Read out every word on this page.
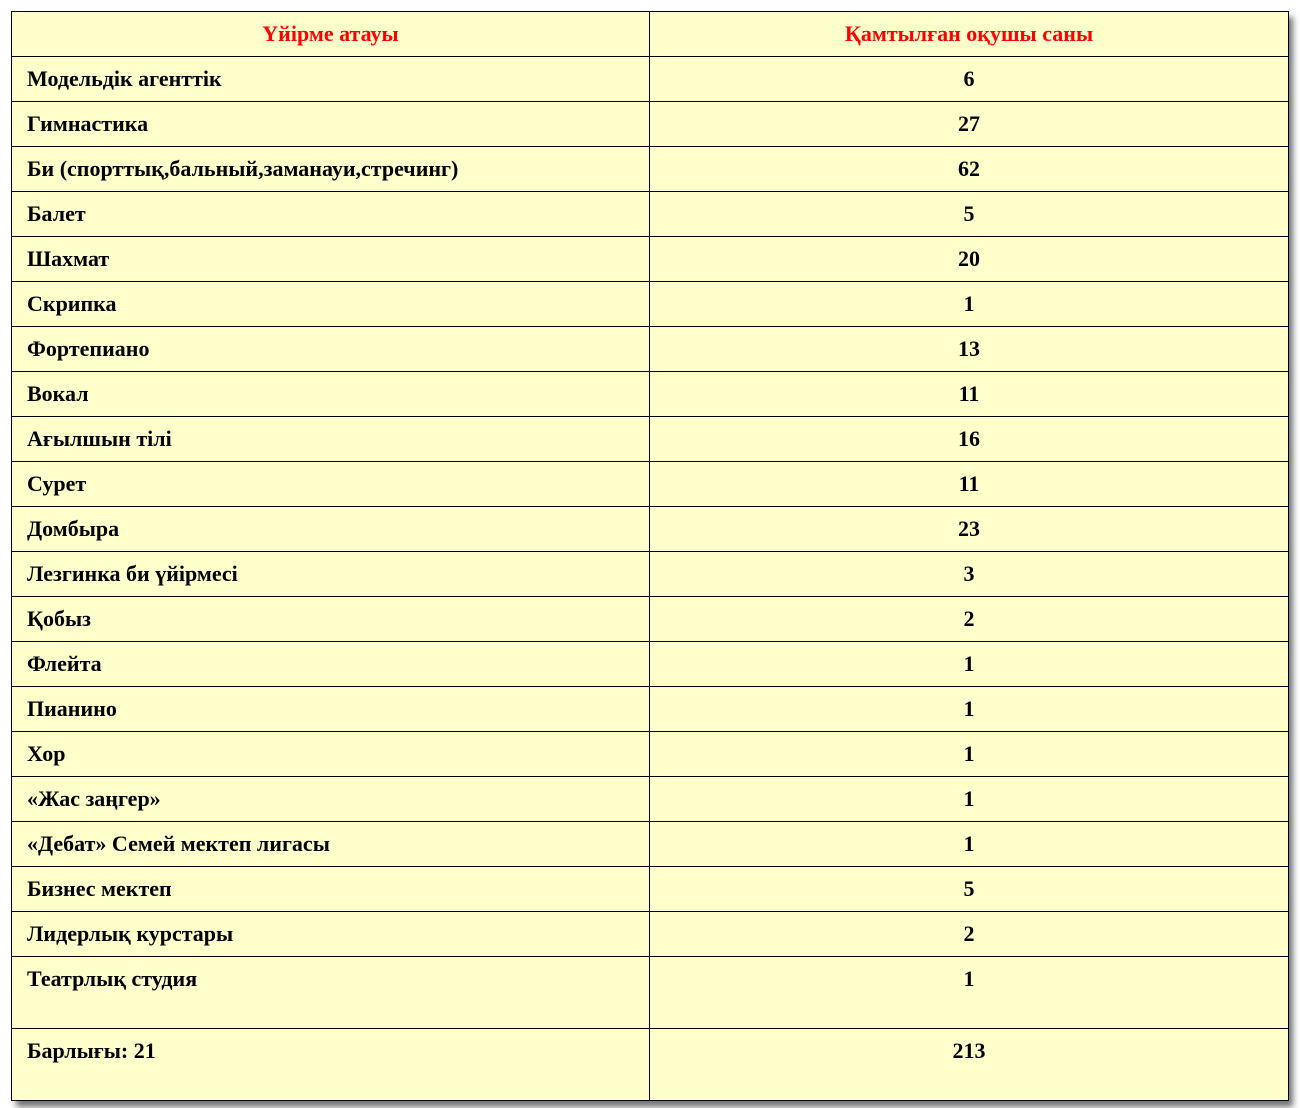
Үйірме атауы	Қамтылған оқушы саны
Модельдік агенттік	6
Гимнастика	27
Би (спорттық,бальный,заманауи,стречинг)	62
Балет	5
Шахмат	20
Скрипка	1
Фортепиано	13
Вокал	11
Ағылшын тілі	16
Сурет	11
Домбыра	23
Лезгинка би үйірмесі	3
Қобыз	2
Флейта	1
Пианино	1
Хор	1
«Жас заңгер»	1
«Дебат» Семей мектеп лигасы	1
Бизнес мектеп	5
Лидерлық курстары	2
Театрлық студия	1
Барлығы: 21	213
